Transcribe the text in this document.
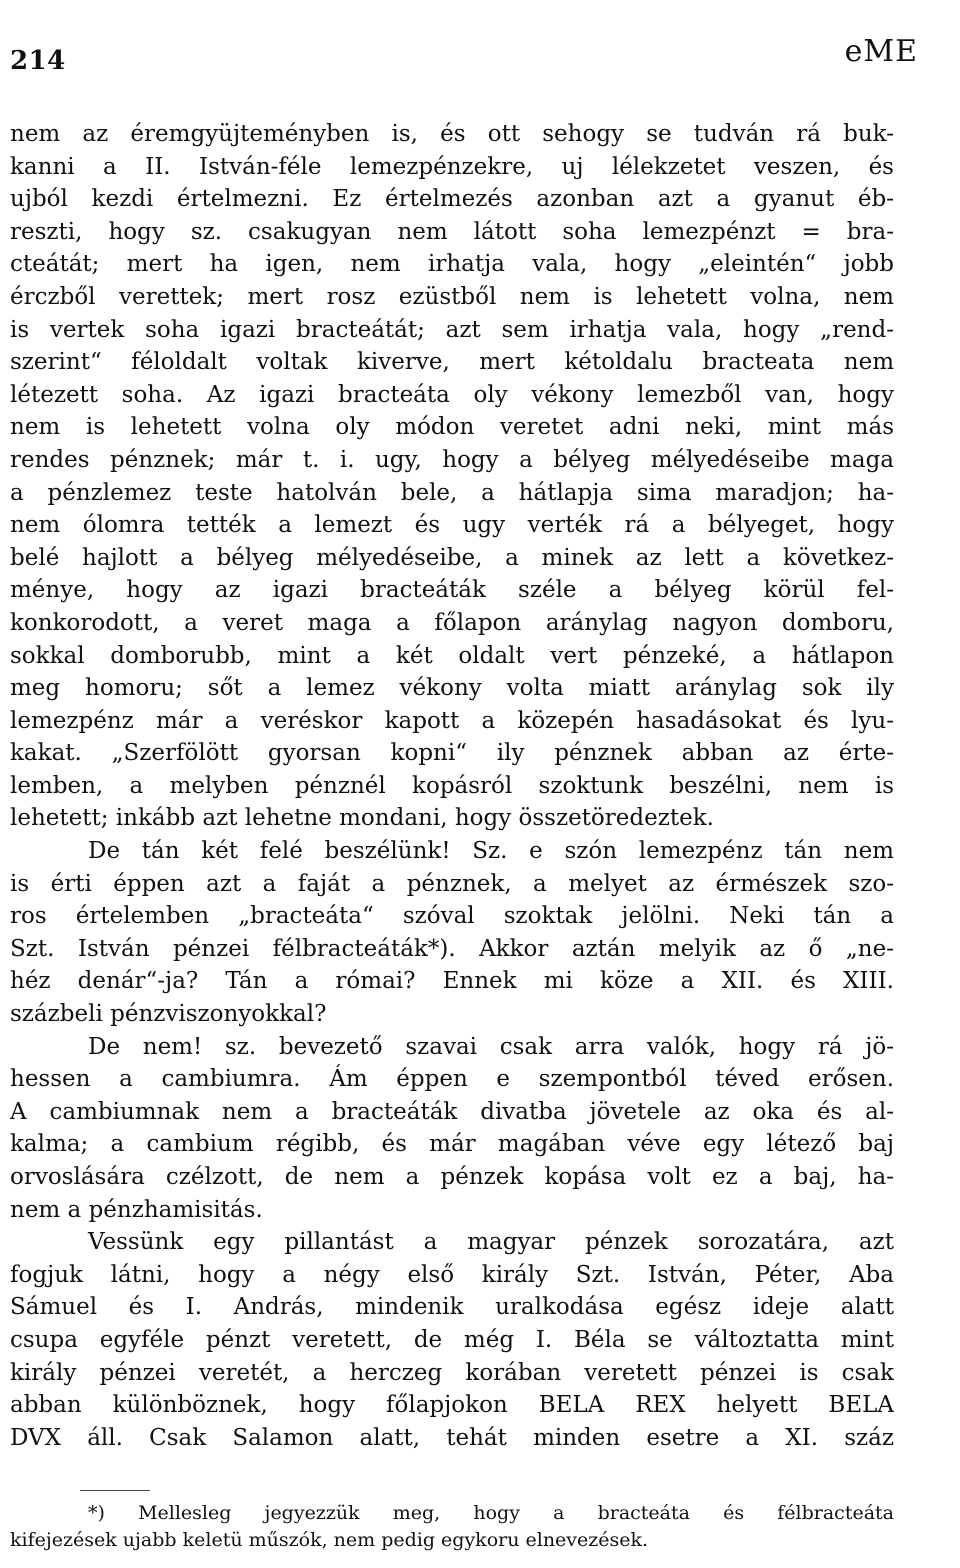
214	eME
nem az éremgyüjteményben is, és ott sehogy se tudván rá buk-
kanni a II. István-féle lemezpénzekre, uj lélekzetet veszen, és
ujból kezdi értelmezni. Ez értelmezés azonban azt a gyanut éb-
reszti, hogy sz. csakugyan nem látott soha lemezpénzt = bra-
cteátát; mert ha igen, nem irhatja vala, hogy „eleintén“ jobb
érczből verettek; mert rosz ezüstből nem is lehetett volna, nem
is vertek soha igazi bracteátát; azt sem irhatja vala, hogy „rend-
szerint“ féloldalt voltak kiverve, mert kétoldalu bracteata nem
létezett soha. Az igazi bracteáta oly vékony lemezből van, hogy
nem is lehetett volna oly módon veretet adni neki, mint más
rendes pénznek; már t. i. ugy, hogy a bélyeg mélyedéseibe maga
a pénzlemez teste hatolván bele, a hátlapja sima maradjon; ha-
nem ólomra tették a lemezt és ugy verték rá a bélyeget, hogy
belé hajlott a bélyeg mélyedéseibe, a minek az lett a következ-
ménye, hogy az igazi bracteáták széle a bélyeg körül fel-
konkorodott, a veret maga a főlapon aránylag nagyon domboru,
sokkal domborubb, mint a két oldalt vert pénzeké, a hátlapon
meg homoru; sőt a lemez vékony volta miatt aránylag sok ily
lemezpénz már a veréskor kapott a közepén hasadásokat és lyu-
kakat. „Szerfölött gyorsan kopni“ ily pénznek abban az érte-
lemben, a melyben pénznél kopásról szoktunk beszélni, nem is
lehetett; inkább azt lehetne mondani, hogy összetöredeztek.
De tán két felé beszélünk! Sz. e szón lemezpénz tán nem
is érti éppen azt a faját a pénznek, a melyet az érmészek szo-
ros értelemben „bracteáta“ szóval szoktak jelölni. Neki tán a
Szt. István pénzei félbracteáták*). Akkor aztán melyik az ő „ne-
héz denár“-ja? Tán a római? Ennek mi köze a XII. és XIII.
százbeli pénzviszonyokkal?
De nem! sz. bevezető szavai csak arra valók, hogy rá jö-
hessen a cambiumra. Ám éppen e szempontból téved erősen.
A cambiumnak nem a bracteáták divatba jövetele az oka és al-
kalma; a cambium régibb, és már magában véve egy létező baj
orvoslására czélzott, de nem a pénzek kopása volt ez a baj, ha-
nem a pénzhamisitás.
Vessünk egy pillantást a magyar pénzek sorozatára, azt
fogjuk látni, hogy a négy első király Szt. István, Péter, Aba
Sámuel és I. András, mindenik uralkodása egész ideje alatt
csupa egyféle pénzt veretett, de még I. Béla se változtatta mint
király pénzei veretét, a herczeg korában veretett pénzei is csak
abban különböznek, hogy főlapjokon BELA REX helyett BELA
DVX áll. Csak Salamon alatt, tehát minden esetre a XI. száz
*) Mellesleg jegyezzük meg, hogy a bracteáta és félbracteáta
kifejezések ujabb keletü műszók, nem pedig egykoru elnevezések.
